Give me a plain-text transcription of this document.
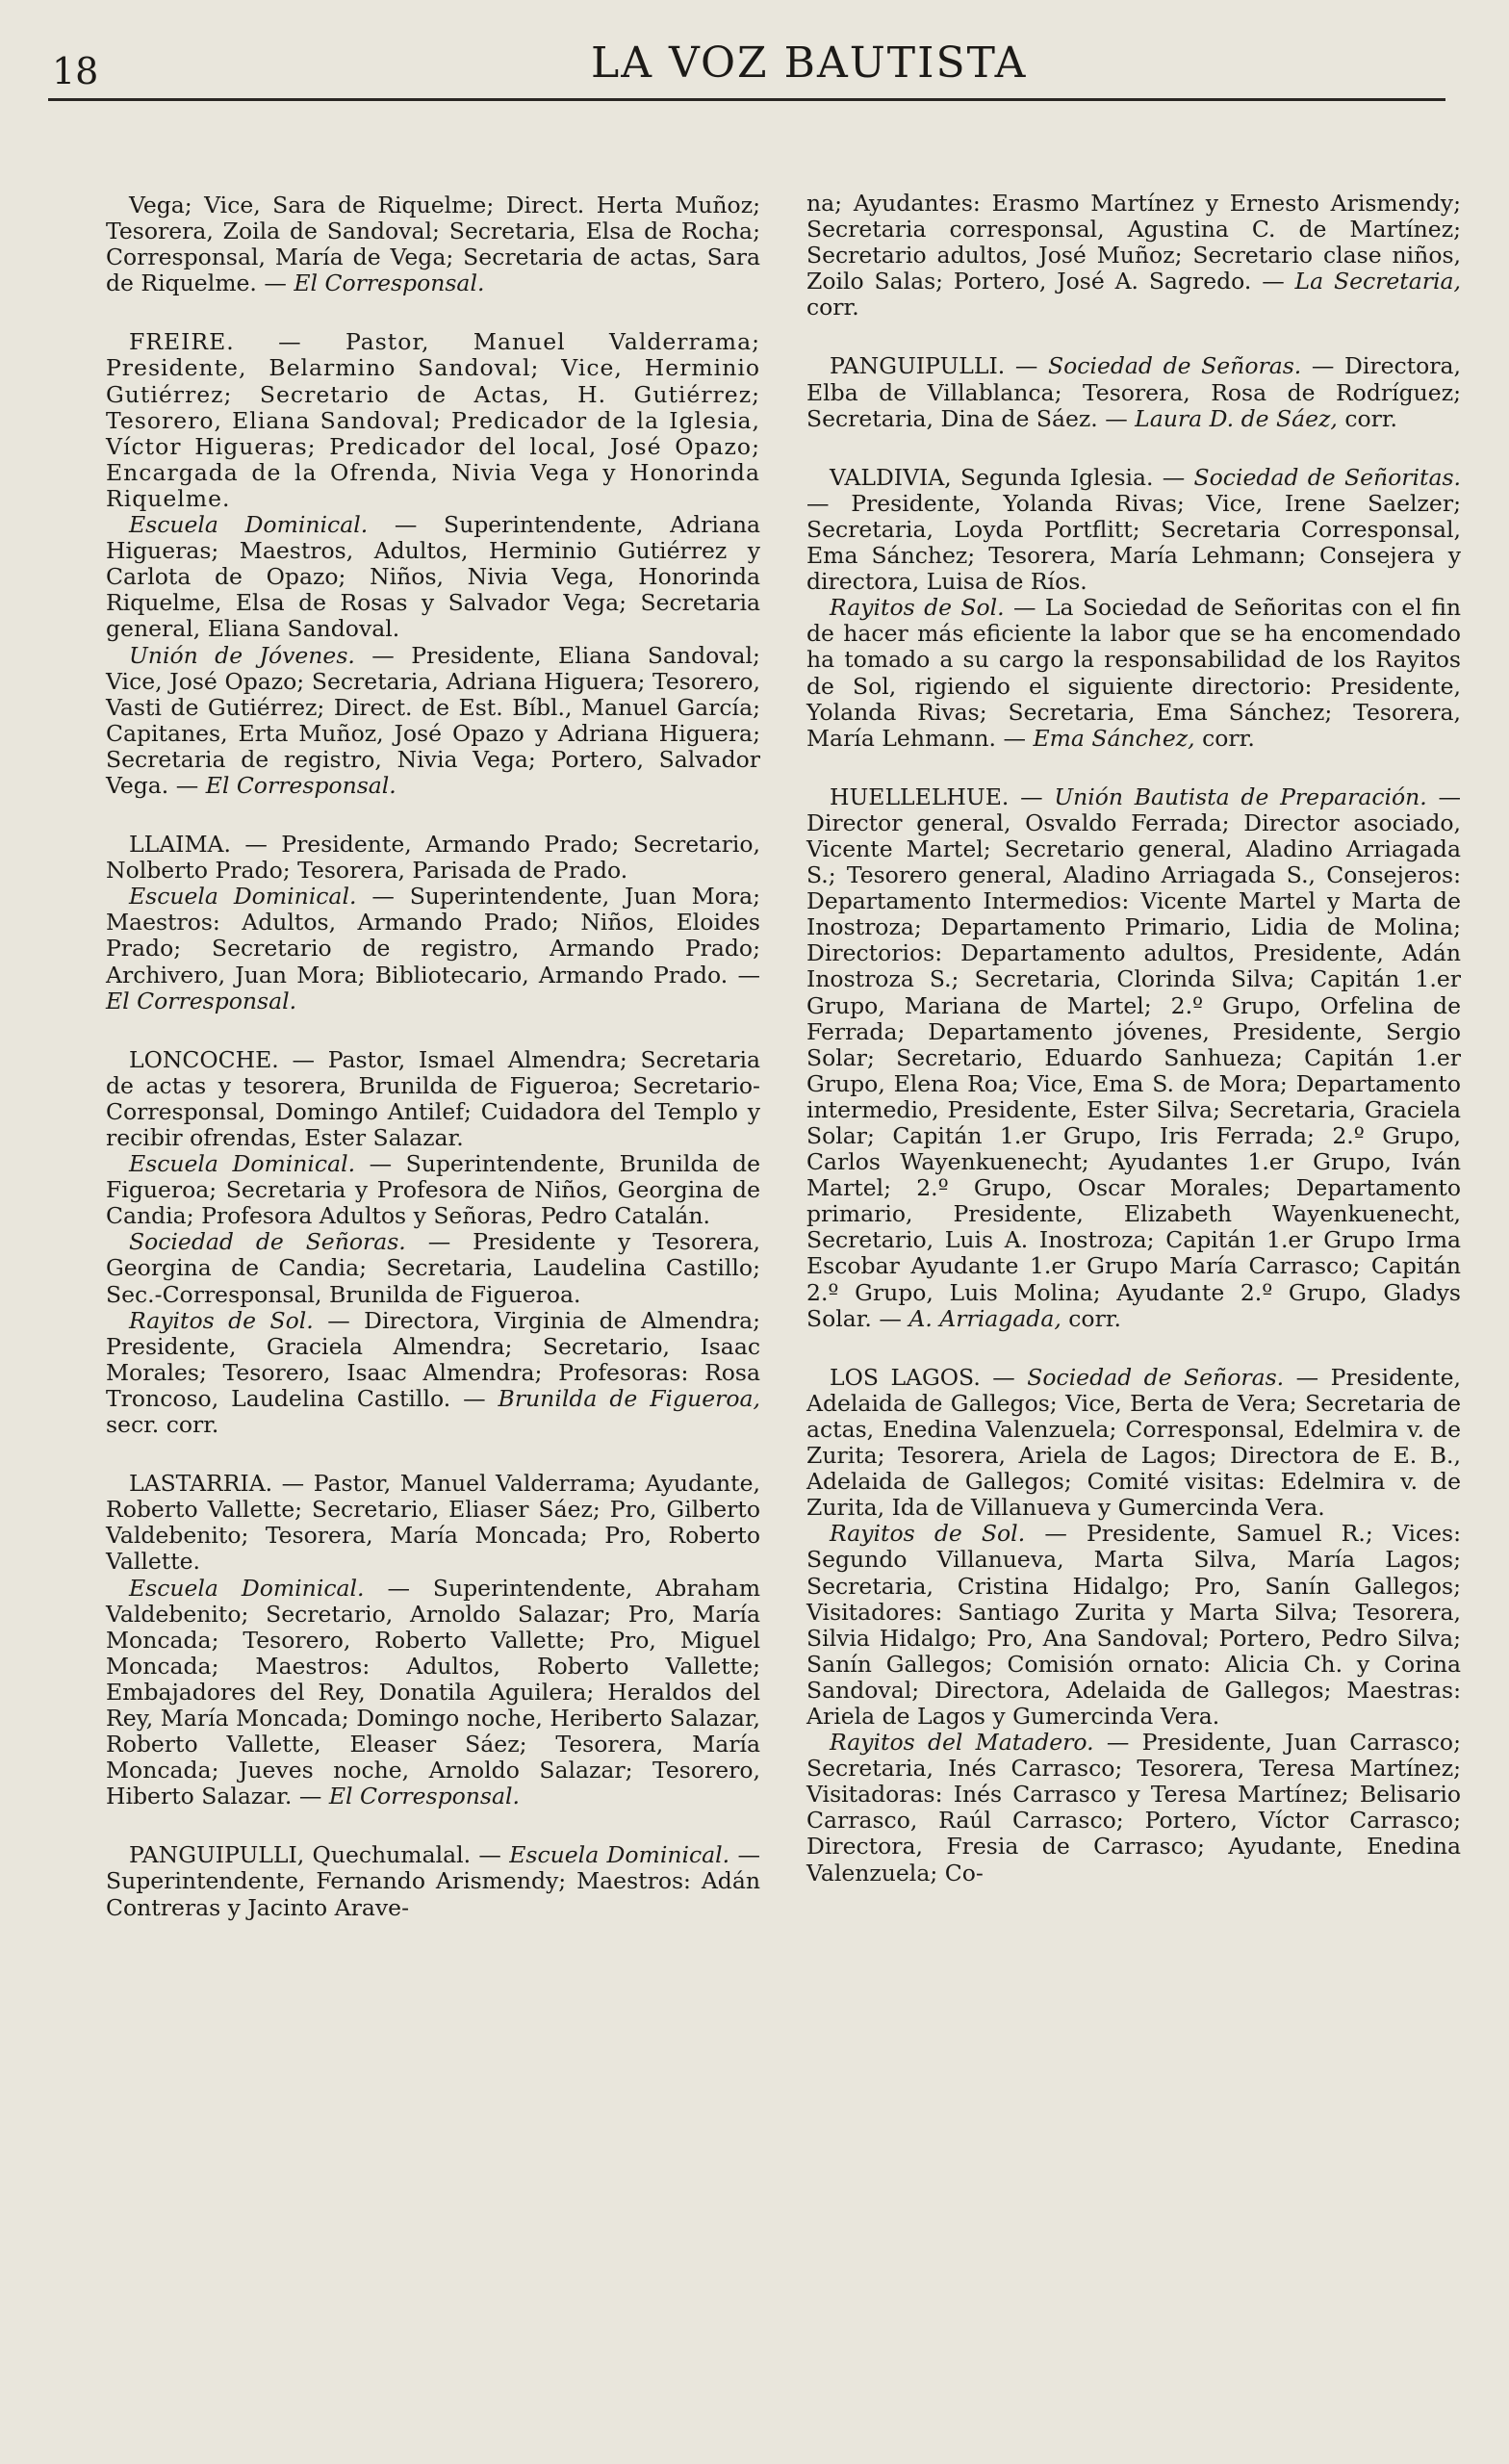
18	LA VOZ BAUTISTA

Vega; Vice, Sara de Riquelme; Direct. Herta Muñoz; Tesorera, Zoila de Sandoval; Secretaria, Elsa de Rocha; Corresponsal, María de Vega; Secretaria de actas, Sara de Riquelme. — El Corresponsal.

FREIRE. — Pastor, Manuel Valderrama; Presidente, Belarmino Sandoval; Vice, Herminio Gutiérrez; Secretario de Actas, H. Gutiérrez; Tesorero, Eliana Sandoval; Predicador de la Iglesia, Víctor Higueras; Predicador del local, José Opazo; Encargada de la Ofrenda, Nivia Vega y Honorinda Riquelme.

Escuela Dominical. — Superintendente, Adriana Higueras; Maestros, Adultos, Herminio Gutiérrez y Carlota de Opazo; Niños, Nivia Vega, Honorinda Riquelme, Elsa de Rosas y Salvador Vega; Secretaria general, Eliana Sandoval.

Unión de Jóvenes. — Presidente, Eliana Sandoval; Vice, José Opazo; Secretaria, Adriana Higuera; Tesorero, Vasti de Gutiérrez; Direct. de Est. Bíbl., Manuel García; Capitanes, Erta Muñoz, José Opazo y Adriana Higuera; Secretaria de registro, Nivia Vega; Portero, Salvador Vega. — El Corresponsal.

LLAIMA. — Presidente, Armando Prado; Secretario, Nolberto Prado; Tesorera, Parisada de Prado.

Escuela Dominical. — Superintendente, Juan Mora; Maestros: Adultos, Armando Prado; Niños, Eloides Prado; Secretario de registro, Armando Prado; Archivero, Juan Mora; Bibliotecario, Armando Prado. — El Corresponsal.

LONCOCHE. — Pastor, Ismael Almendra; Secretaria de actas y tesorera, Brunilda de Figueroa; Secretario-Corresponsal, Domingo Antilef; Cuidadora del Templo y recibir ofrendas, Ester Salazar.

Escuela Dominical. — Superintendente, Brunilda de Figueroa; Secretaria y Profesora de Niños, Georgina de Candia; Profesora Adultos y Señoras, Pedro Catalán.

Sociedad de Señoras. — Presidente y Tesorera, Georgina de Candia; Secretaria, Laudelina Castillo; Sec.-Corresponsal, Brunilda de Figueroa.

Rayitos de Sol. — Directora, Virginia de Almendra; Presidente, Graciela Almendra; Secretario, Isaac Morales; Tesorero, Isaac Almendra; Profesoras: Rosa Troncoso, Laudelina Castillo. — Brunilda de Figueroa, secr. corr.

LASTARRIA. — Pastor, Manuel Valderrama; Ayudante, Roberto Vallette; Secretario, Eliaser Sáez; Pro, Gilberto Valdebenito; Tesorera, María Moncada; Pro, Roberto Vallette.

Escuela Dominical. — Superintendente, Abraham Valdebenito; Secretario, Arnoldo Salazar; Pro, María Moncada; Tesorero, Roberto Vallette; Pro, Miguel Moncada; Maestros: Adultos, Roberto Vallette; Embajadores del Rey, Donatila Aguilera; Heraldos del Rey, María Moncada; Domingo noche, Heriberto Salazar, Roberto Vallette, Eleaser Sáez; Tesorera, María Moncada; Jueves noche, Arnoldo Salazar; Tesorero, Hiberto Salazar. — El Corresponsal.

PANGUIPULLI, Quechumalal. — Escuela Dominical. — Superintendente, Fernando Arismendy; Maestros: Adán Contreras y Jacinto Arave-

na; Ayudantes: Erasmo Martínez y Ernesto Arismendy; Secretaria corresponsal, Agustina C. de Martínez; Secretario adultos, José Muñoz; Secretario clase niños, Zoilo Salas; Portero, José A. Sagredo. — La Secretaria, corr.

PANGUIPULLI. — Sociedad de Señoras. — Directora, Elba de Villablanca; Tesorera, Rosa de Rodríguez; Secretaria, Dina de Sáez. — Laura D. de Sáez, corr.

VALDIVIA, Segunda Iglesia. — Sociedad de Señoritas. — Presidente, Yolanda Rivas; Vice, Irene Saelzer; Secretaria, Loyda Portflitt; Secretaria Corresponsal, Ema Sánchez; Tesorera, María Lehmann; Consejera y directora, Luisa de Ríos.

Rayitos de Sol. — La Sociedad de Señoritas con el fin de hacer más eficiente la labor que se ha encomendado ha tomado a su cargo la responsabilidad de los Rayitos de Sol, rigiendo el siguiente directorio: Presidente, Yolanda Rivas; Secretaria, Ema Sánchez; Tesorera, María Lehmann. — Ema Sánchez, corr.

HUELLELHUE. — Unión Bautista de Preparación. — Director general, Osvaldo Ferrada; Director asociado, Vicente Martel; Secretario general, Aladino Arriagada S.; Tesorero general, Aladino Arriagada S., Consejeros: Departamento Intermedios: Vicente Martel y Marta de Inostroza; Departamento Primario, Lidia de Molina; Directorios: Departamento adultos, Presidente, Adán Inostroza S.; Secretaria, Clorinda Silva; Capitán 1.er Grupo, Mariana de Martel; 2.º Grupo, Orfelina de Ferrada; Departamento jóvenes, Presidente, Sergio Solar; Secretario, Eduardo Sanhueza; Capitán 1.er Grupo, Elena Roa; Vice, Ema S. de Mora; Departamento intermedio, Presidente, Ester Silva; Secretaria, Graciela Solar; Capitán 1.er Grupo, Iris Ferrada; 2.º Grupo, Carlos Wayenkuenecht; Ayudantes 1.er Grupo, Iván Martel; 2.º Grupo, Oscar Morales; Departamento primario, Presidente, Elizabeth Wayenkuenecht, Secretario, Luis A. Inostroza; Capitán 1.er Grupo Irma Escobar Ayudante 1.er Grupo María Carrasco; Capitán 2.º Grupo, Luis Molina; Ayudante 2.º Grupo, Gladys Solar. — A. Arriagada, corr.

LOS LAGOS. — Sociedad de Señoras. — Presidente, Adelaida de Gallegos; Vice, Berta de Vera; Secretaria de actas, Enedina Valenzuela; Corresponsal, Edelmira v. de Zurita; Tesorera, Ariela de Lagos; Directora de E. B., Adelaida de Gallegos; Comité visitas: Edelmira v. de Zurita, Ida de Villanueva y Gumercinda Vera.

Rayitos de Sol. — Presidente, Samuel R.; Vices: Segundo Villanueva, Marta Silva, María Lagos; Secretaria, Cristina Hidalgo; Pro, Sanín Gallegos; Visitadores: Santiago Zurita y Marta Silva; Tesorera, Silvia Hidalgo; Pro, Ana Sandoval; Portero, Pedro Silva; Sanín Gallegos; Comisión ornato: Alicia Ch. y Corina Sandoval; Directora, Adelaida de Gallegos; Maestras: Ariela de Lagos y Gumercinda Vera.

Rayitos del Matadero. — Presidente, Juan Carrasco; Secretaria, Inés Carrasco; Tesorera, Teresa Martínez; Visitadoras: Inés Carrasco y Teresa Martínez; Belisario Carrasco, Raúl Carrasco; Portero, Víctor Carrasco; Directora, Fresia de Carrasco; Ayudante, Enedina Valenzuela; Co-
